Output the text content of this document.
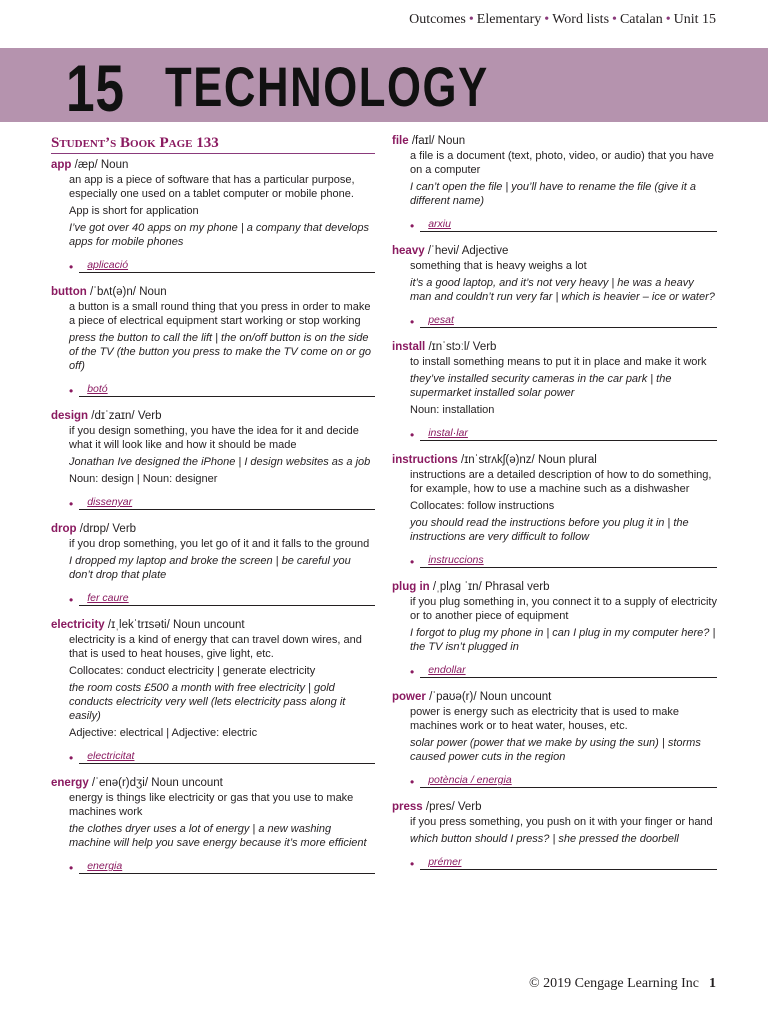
Outcomes • Elementary • Word lists • Catalan • Unit 15
15 TECHNOLOGY
Student’s Book Page 133
app /æp/ Noun

an app is a piece of software that has a particular purpose, especially one used on a tablet computer or mobile phone.

App is short for application

I’ve got over 40 apps on my phone | a company that develops apps for mobile phones

•	aplicació
button /ˈbʌt(ə)n/ Noun

a button is a small round thing that you press in order to make a piece of electrical equipment start working or stop working

press the button to call the lift | the on/off button is on the side of the TV (the button you press to make the TV come on or go off)

•	botó
design /dɪˈzaɪn/ Verb

if you design something, you have the idea for it and decide what it will look like and how it should be made

Jonathan Ive designed the iPhone | I design websites as a job

Noun: design | Noun: designer

•	dissenyar
drop /drɒp/ Verb

if you drop something, you let go of it and it falls to the ground

I dropped my laptop and broke the screen | be careful you don’t drop that plate

•	fer caure
electricity /ɪˌlekˈtrɪsəti/ Noun uncount

electricity is a kind of energy that can travel down wires, and that is used to heat houses, give light, etc.

Collocates: conduct electricity | generate electricity

the room costs £500 a month with free electricity | gold conducts electricity very well (lets electricity pass along it easily)

Adjective: electrical | Adjective: electric

•	electricitat
energy /ˈenə(r)dʒi/ Noun uncount

energy is things like electricity or gas that you use to make machines work

the clothes dryer uses a lot of energy | a new washing machine will help you save energy because it’s more efficient

•	energia
file /faɪl/ Noun

a file is a document (text, photo, video, or audio) that you have on a computer

I can’t open the file | you’ll have to rename the file (give it a different name)

•	arxiu
heavy /ˈhevi/ Adjective

something that is heavy weighs a lot

it’s a good laptop, and it’s not very heavy | he was a heavy man and couldn’t run very far | which is heavier – ice or water?

•	pesat
install /ɪnˈstɔːl/ Verb

to install something means to put it in place and make it work

they’ve installed security cameras in the car park | the supermarket installed solar power

Noun: installation

•	instal·lar
instructions /ɪnˈstrʌkʃ(ə)nz/ Noun plural

instructions are a detailed description of how to do something, for example, how to use a machine such as a dishwasher

Collocates: follow instructions

you should read the instructions before you plug it in | the instructions are very difficult to follow

•	instruccions
plug in /ˌplʌɡ ˈɪn/ Phrasal verb

if you plug something in, you connect it to a supply of electricity or to another piece of equipment

I forgot to plug my phone in | can I plug in my computer here? | the TV isn’t plugged in

•	endollar
power /ˈpaʊə(r)/ Noun uncount

power is energy such as electricity that is used to make machines work or to heat water, houses, etc.

solar power (power that we make by using the sun) | storms caused power cuts in the region

•	potència / energia
press /pres/ Verb

if you press something, you push on it with your finger or hand

which button should I press? | she pressed the doorbell

•	prémer
© 2019 Cengage Learning Inc 1
